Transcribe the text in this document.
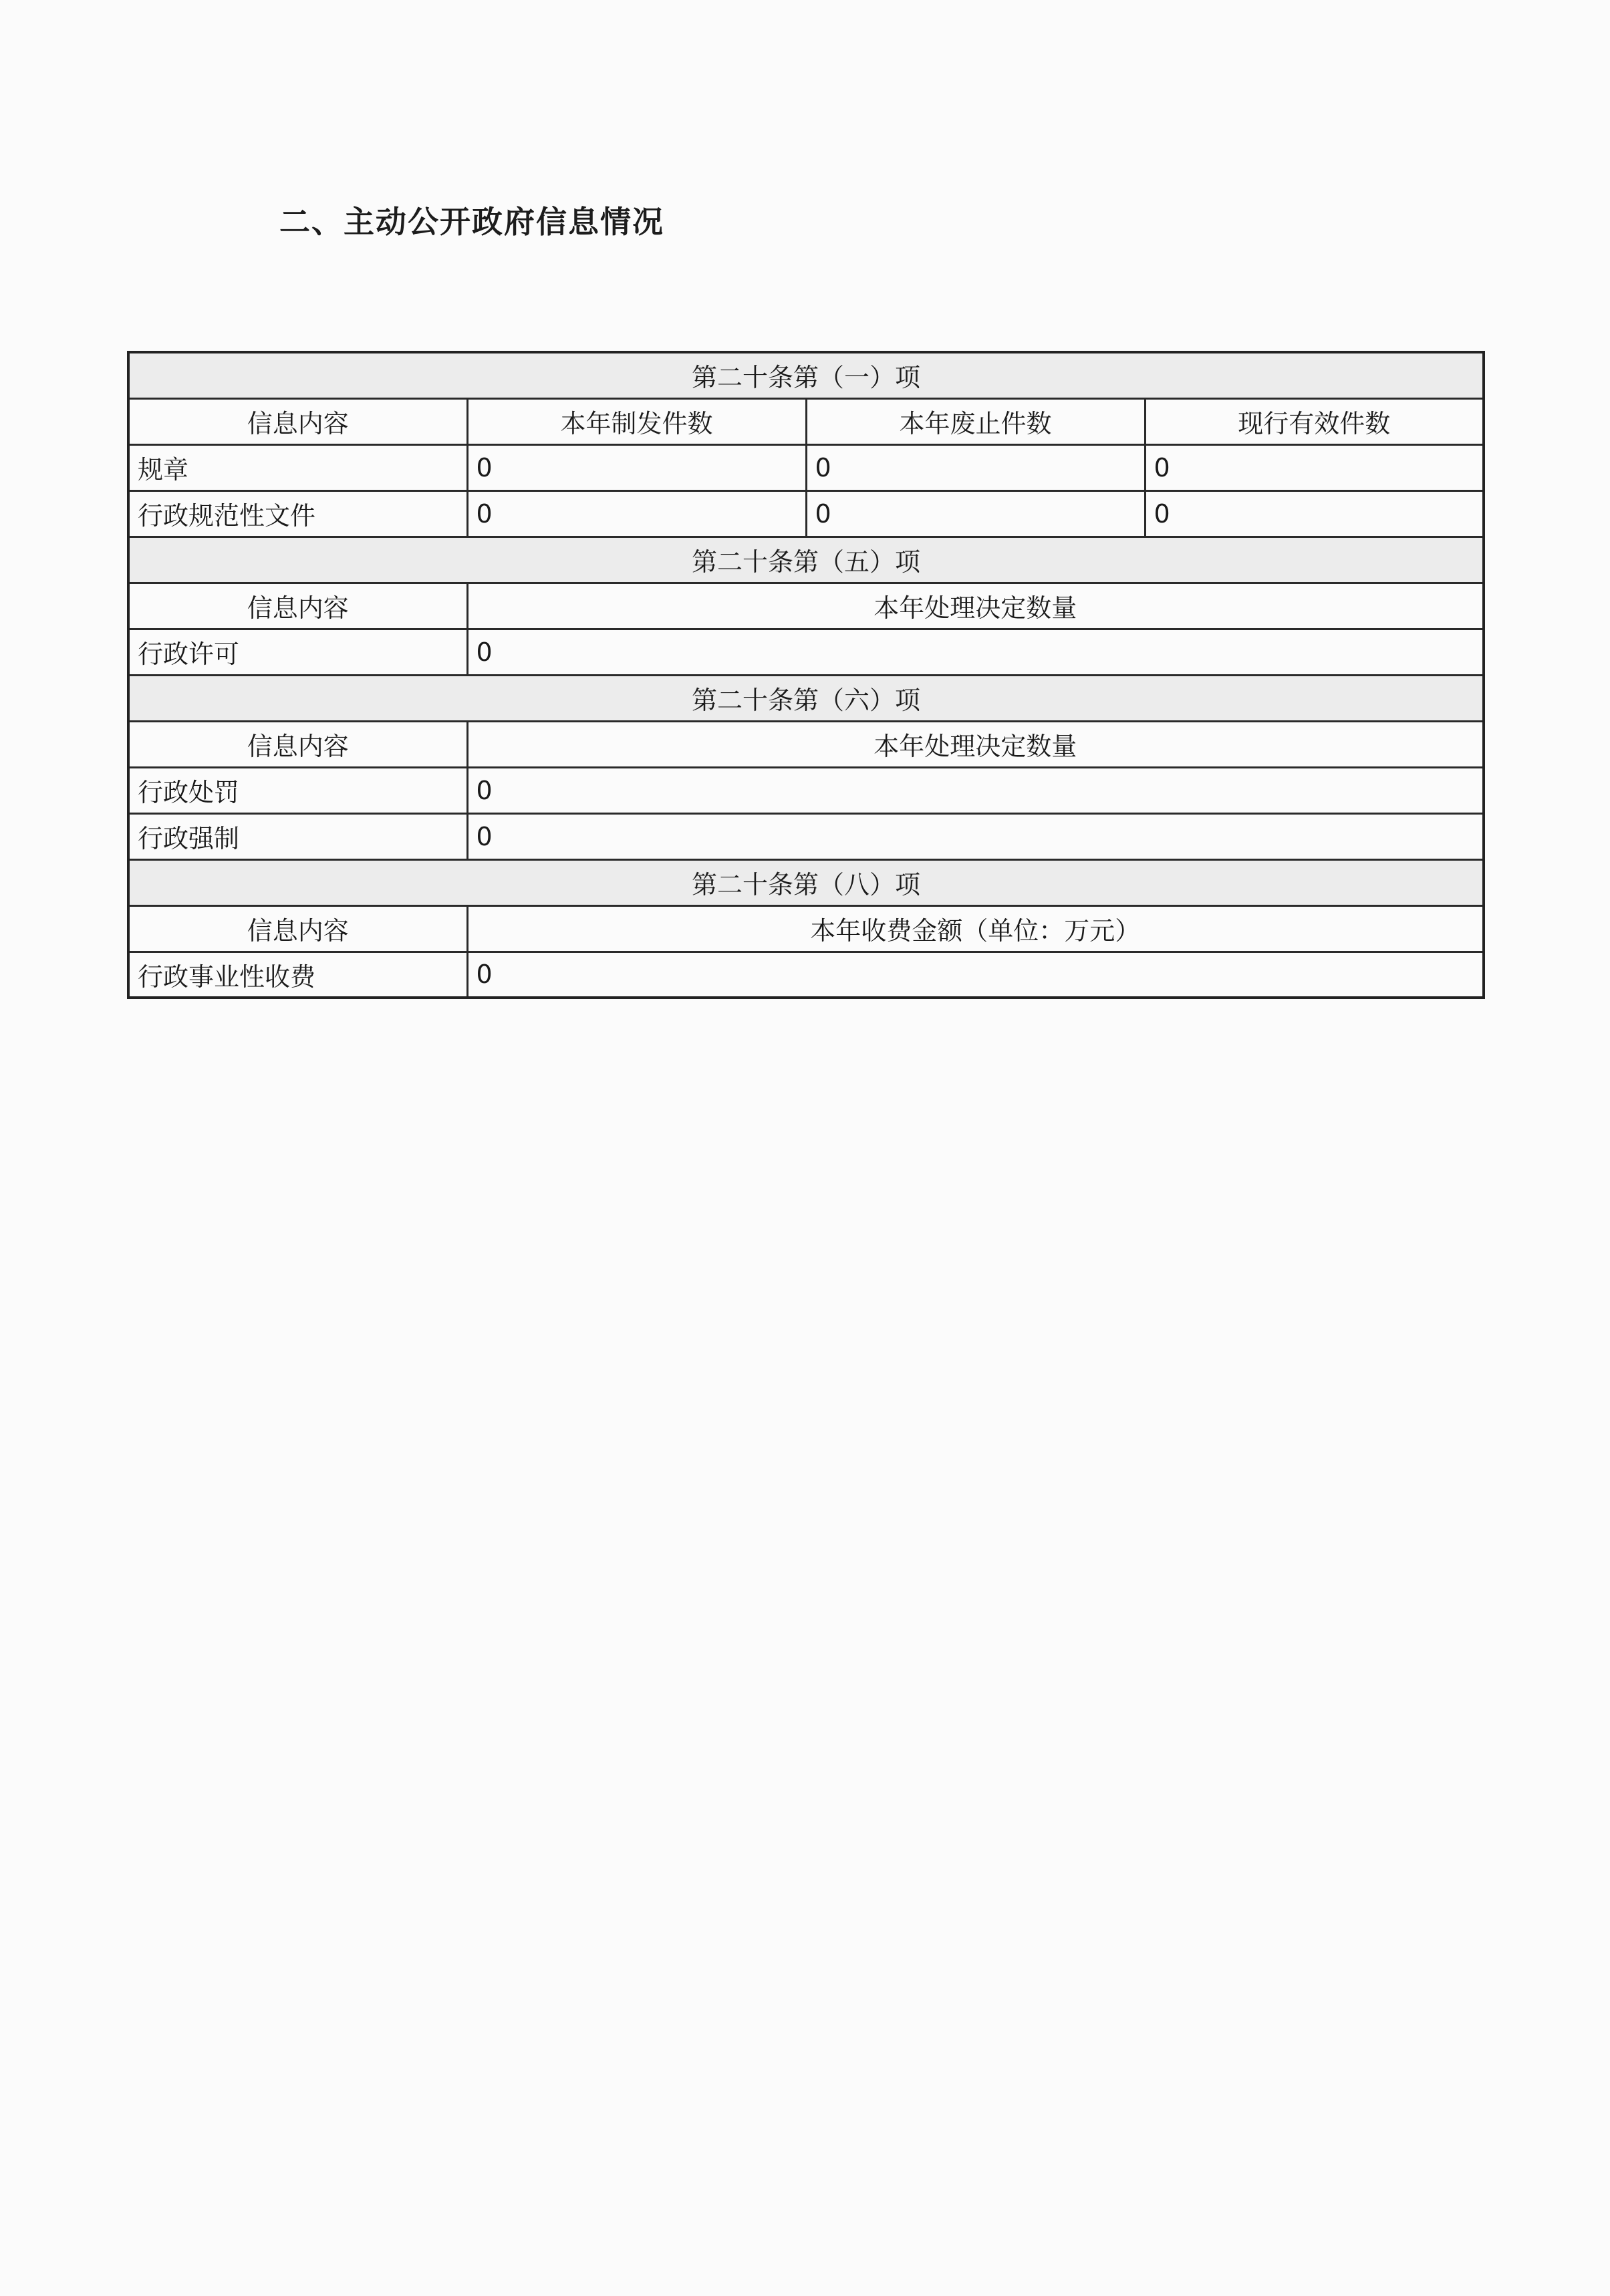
二、主动公开政府信息情况
第二十条第（一）项			
信息内容	本年制发件数	本年废止件数	现行有效件数
规章	0	0	0
行政规范性文件	0	0	0
第二十条第（五）项			
信息内容	本年处理决定数量		
行政许可	0		
第二十条第（六）项			
信息内容	本年处理决定数量		
行政处罚	0		
行政强制	0		
第二十条第（八）项			
信息内容	本年收费金额（单位：万元）		
行政事业性收费	0		
